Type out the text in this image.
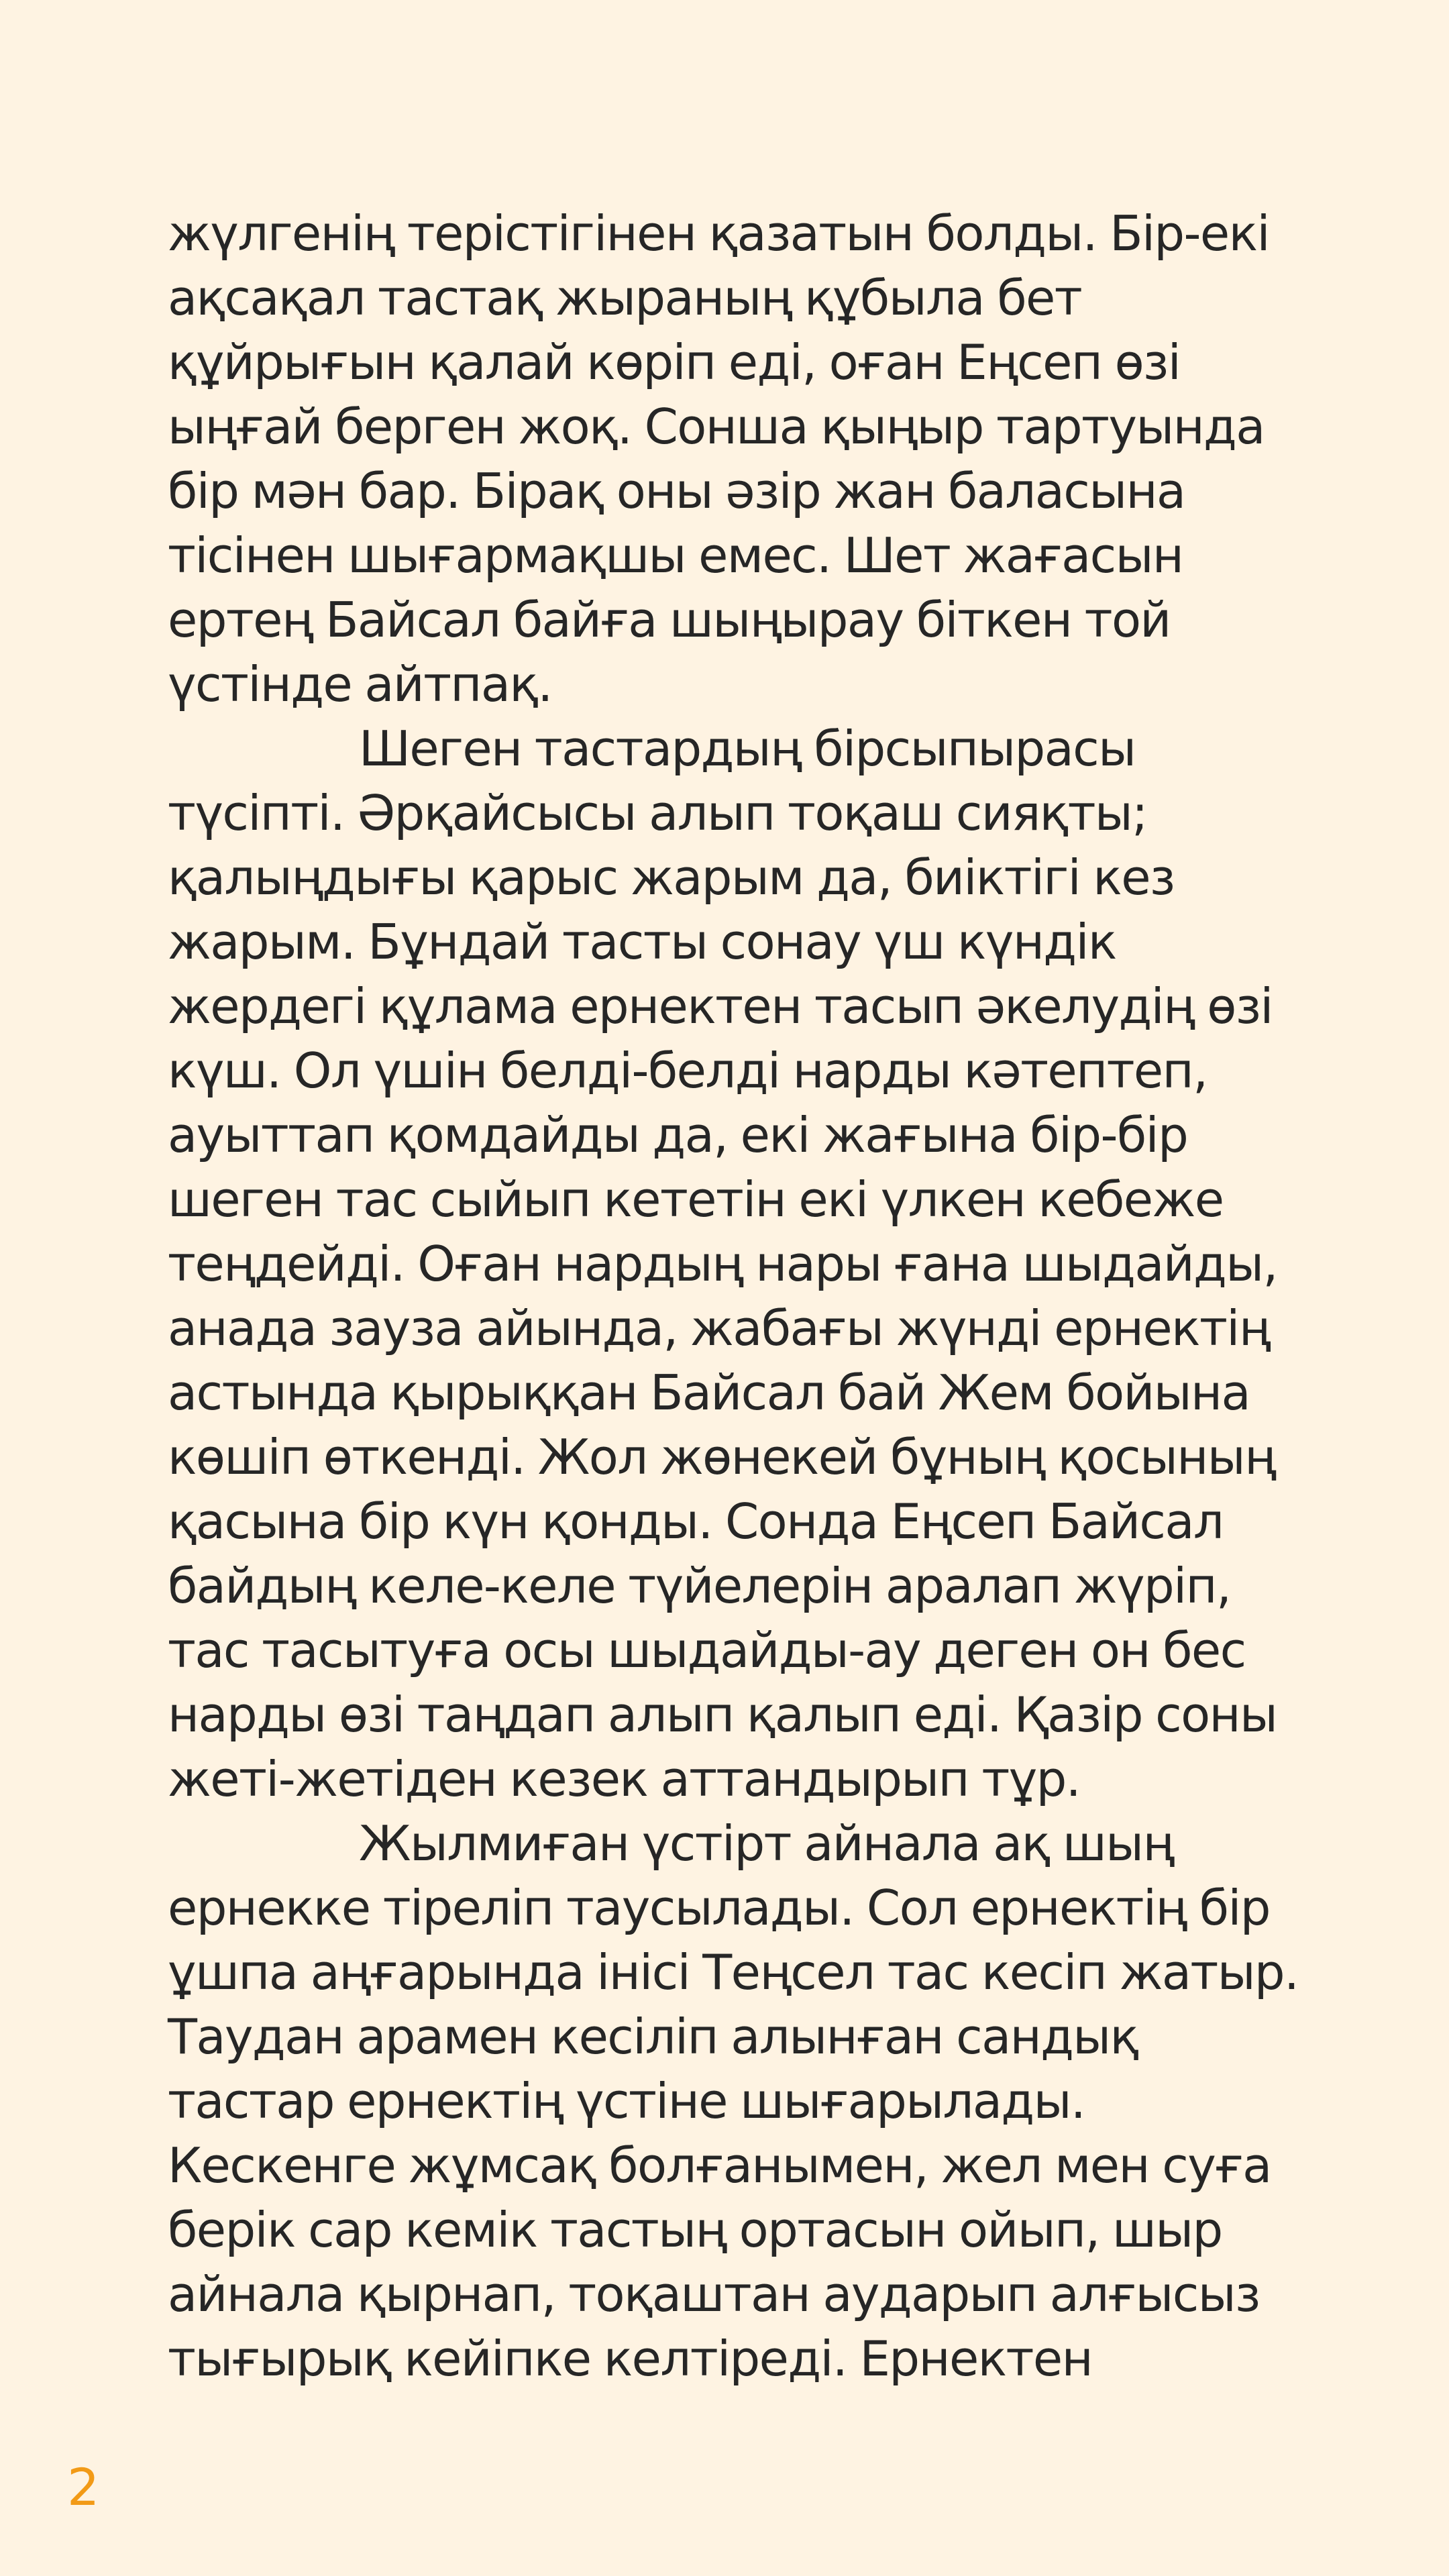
жүлгенің терістігінен қазатын болды. Бір-екі
ақсақал тастақ жыраның құбыла бет
құйрығын қалай көріп еді, оған Еңсеп өзі
ыңғай берген жоқ. Сонша қыңыр тартуында
бір мән бар. Бірақ оны әзір жан баласына
тісінен шығармақшы емес. Шет жағасын
ертең Байсал байға шыңырау біткен той
үстінде айтпақ.
Шеген тастардың бірсыпырасы
түсіпті. Әрқайсысы алып тоқаш сияқты;
қалыңдығы қарыс жарым да, биіктігі кез
жарым. Бұндай тасты сонау үш күндік
жердегі құлама ернектен тасып әкелудің өзі
күш. Ол үшін белді-белді нарды кәтептеп,
ауыттап қомдайды да, екі жағына бір-бір
шеген тас сыйып кететін екі үлкен кебеже
теңдейді. Оған нардың нары ғана шыдайды,
анада зауза айында, жабағы жүнді ернектің
астында қырыққан Байсал бай Жем бойына
көшіп өткенді. Жол жөнекей бұның қосының
қасына бір күн қонды. Сонда Еңсеп Байсал
байдың келе-келе түйелерін аралап жүріп,
тас тасытуға осы шыдайды-ау деген он бес
нарды өзі таңдап алып қалып еді. Қазір соны
жеті-жетіден кезек аттандырып тұр.
Жылмиған үстірт айнала ақ шың
ернекке тіреліп таусылады. Сол ернектің бір
ұшпа аңғарында інісі Теңсел тас кесіп жатыр.
Таудан арамен кесіліп алынған сандық
тастар ернектің үстіне шығарылады.
Кескенге жұмсақ болғанымен, жел мен суға
берік сар кемік тастың ортасын ойып, шыр
айнала қырнап, тоқаштан аударып алғысыз
тығырық кейіпке келтіреді. Ернектен
2
